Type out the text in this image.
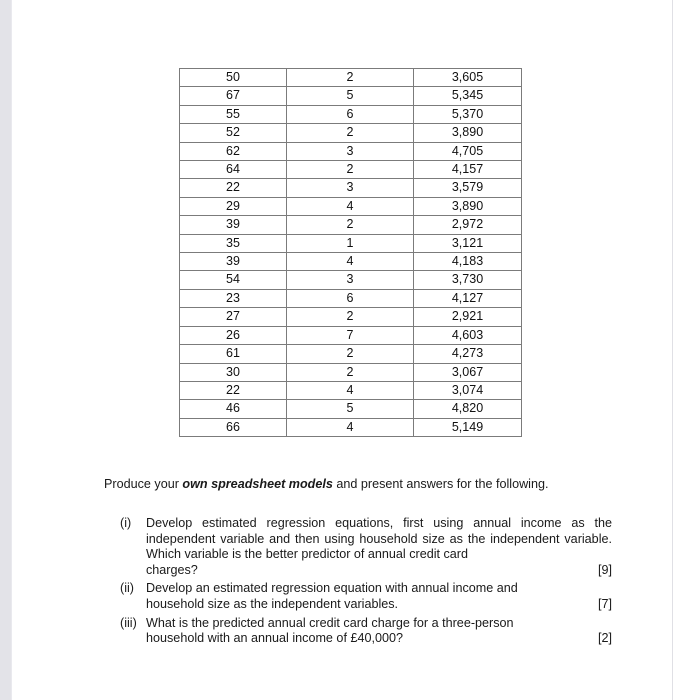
50	2	3,605
67	5	5,345
55	6	5,370
52	2	3,890
62	3	4,705
64	2	4,157
22	3	3,579
29	4	3,890
39	2	2,972
35	1	3,121
39	4	4,183
54	3	3,730
23	6	4,127
27	2	2,921
26	7	4,603
61	2	4,273
30	2	3,067
22	4	3,074
46	5	4,820
66	4	5,149
Produce your own spreadsheet models and present answers for the following.
(i)	Develop estimated regression equations, first using annual income as the independent variable and then using household size as the independent variable. Which variable is the better predictor of annual credit card
charges?	[9]
(ii) Develop an estimated regression equation with annual income and
household size as the independent variables.	[7]
(iii) What is the predicted annual credit card charge for a three-person
household with an annual income of £40,000?	[2]
